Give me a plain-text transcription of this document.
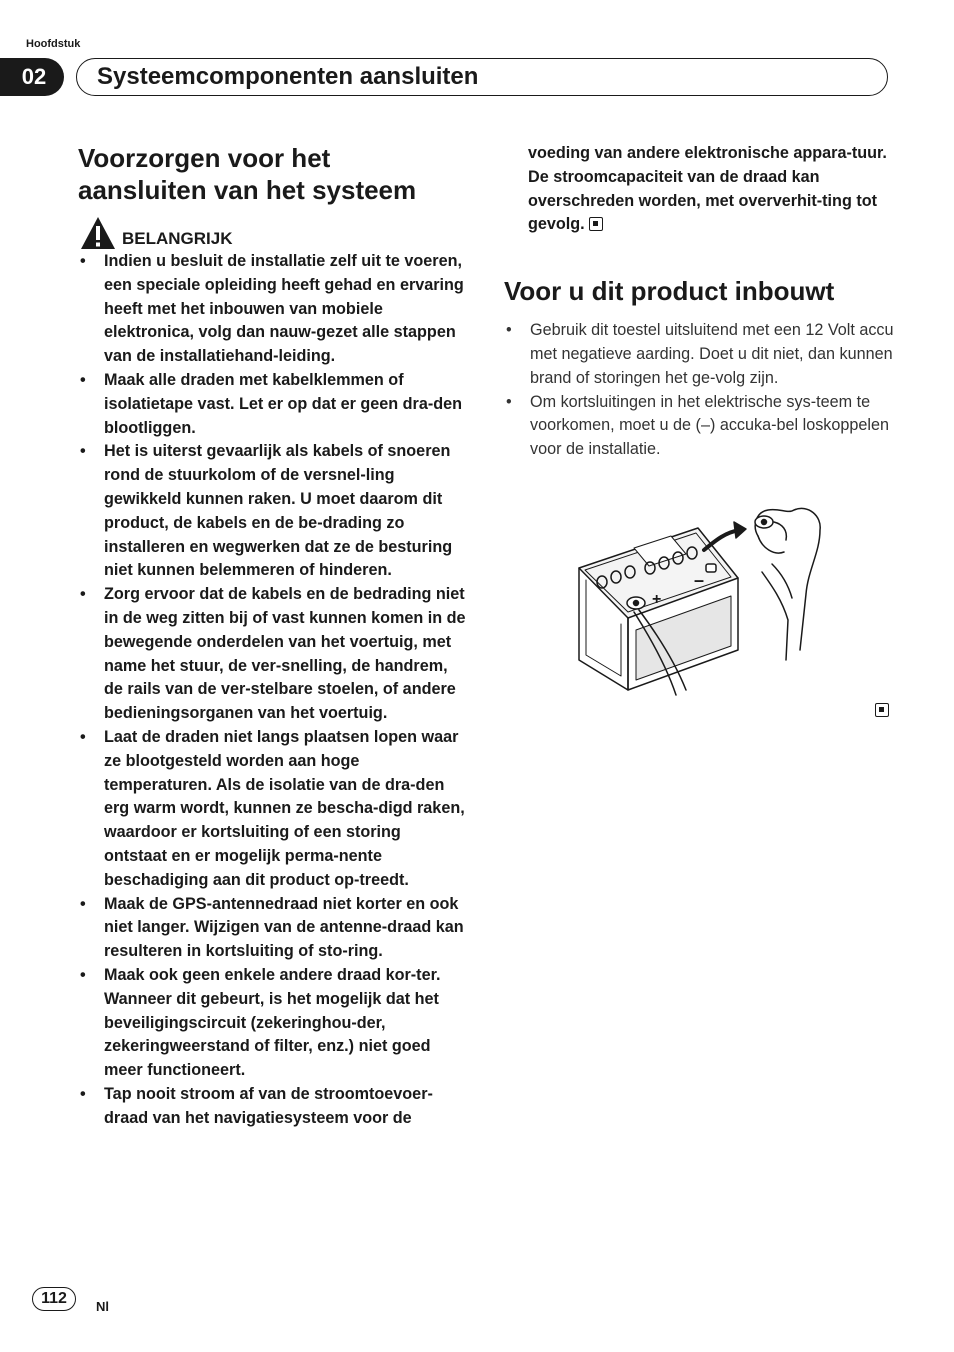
Hoofdstuk
02	Systeemcomponenten aansluiten
Voorzorgen voor het
aansluiten van het systeem
BELANGRIJK
• Indien u besluit de installatie zelf uit te voeren, een speciale opleiding heeft gehad en ervaring heeft met het inbouwen van mobiele elektronica, volg dan nauw-gezet alle stappen van de installatiehand-leiding.
• Maak alle draden met kabelklemmen of isolatietape vast. Let er op dat er geen dra-den blootliggen.
• Het is uiterst gevaarlijk als kabels of snoeren rond de stuurkolom of de versnel-ling gewikkeld kunnen raken. U moet daarom dit product, de kabels en de be-drading zo installeren en wegwerken dat ze de besturing niet kunnen belemmeren of hinderen.
• Zorg ervoor dat de kabels en de bedrading niet in de weg zitten bij of vast kunnen komen in de bewegende onderdelen van het voertuig, met name het stuur, de ver-snelling, de handrem, de rails van de ver-stelbare stoelen, of andere bedieningsorganen van het voertuig.
• Laat de draden niet langs plaatsen lopen waar ze blootgesteld worden aan hoge temperaturen. Als de isolatie van de dra-den erg warm wordt, kunnen ze bescha-digd raken, waardoor er kortsluiting of een storing ontstaat en er mogelijk perma-nente beschadiging aan dit product op-treedt.
• Maak de GPS-antennedraad niet korter en ook niet langer. Wijzigen van de antenne-draad kan resulteren in kortsluiting of sto-ring.
• Maak ook geen enkele andere draad kor-ter. Wanneer dit gebeurt, is het mogelijk dat het beveiligingscircuit (zekeringhou-der, zekeringweerstand of filter, enz.) niet goed meer functioneert.
• Tap nooit stroom af van de stroomtoevoer-draad van het navigatiesysteem voor de

voeding van andere elektronische appara-tuur. De stroomcapaciteit van de draad kan overschreden worden, met oververhit-ting tot gevolg.

Voor u dit product inbouwt
• Gebruik dit toestel uitsluitend met een 12 Volt accu met negatieve aarding. Doet u dit niet, dan kunnen brand of storingen het ge-volg zijn.
• Om kortsluitingen in het elektrische sys-teem te voorkomen, moet u de (–) accuka-bel loskoppelen voor de installatie.
+
–
112	Nl
